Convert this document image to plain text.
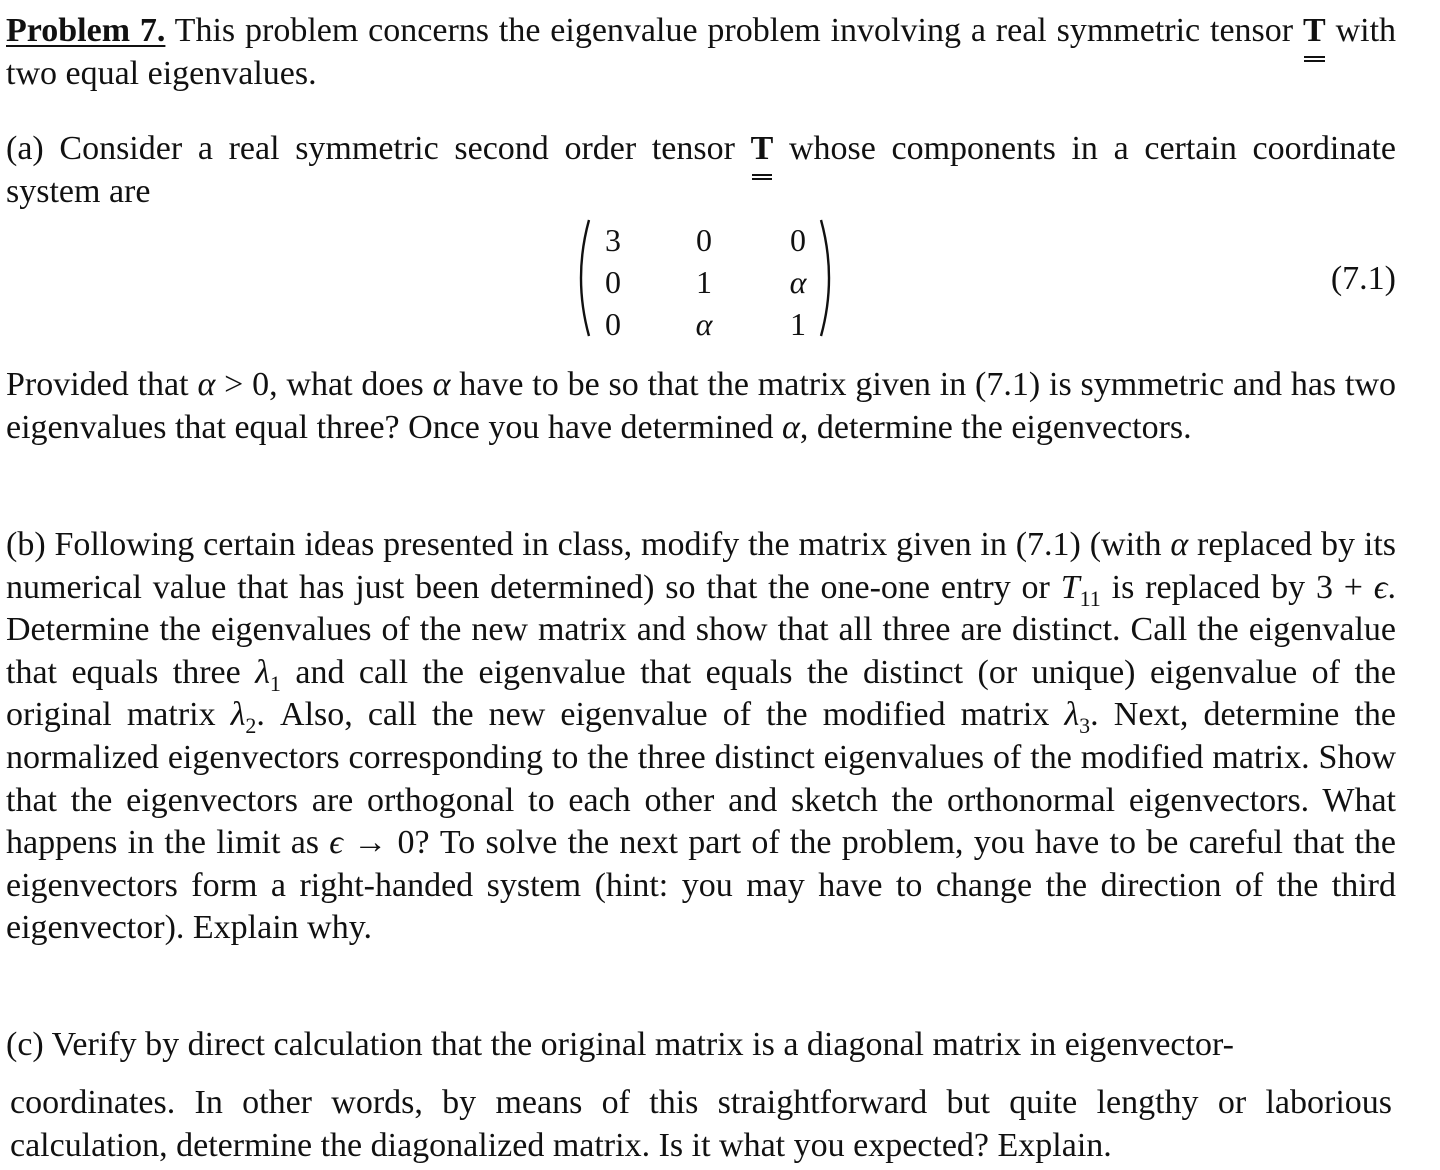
Problem 7. This problem concerns the eigenvalue problem involving a real symmetric tensor T with two equal eigenvalues.

(a) Consider a real symmetric second order tensor T whose components in a certain coordinate system are

3	0	0
0	1	α
0	α	1
(7.1)

Provided that α > 0, what does α have to be so that the matrix given in (7.1) is symmetric and has two eigenvalues that equal three? Once you have determined α, determine the eigenvectors.

(b) Following certain ideas presented in class, modify the matrix given in (7.1) (with α replaced by its numerical value that has just been determined) so that the one-one entry or $T_{11}$ is replaced by 3 + ϵ. Determine the eigenvalues of the new matrix and show that all three are distinct. Call the eigenvalue that equals three $\lambda_1$ and call the eigenvalue that equals the distinct (or unique) eigenvalue of the original matrix $\lambda_2$. Also, call the new eigenvalue of the modified matrix $\lambda_3$. Next, determine the normalized eigenvectors corresponding to the three distinct eigenvalues of the modified matrix. Show that the eigenvectors are orthogonal to each other and sketch the orthonormal eigenvectors. What happens in the limit as ϵ → 0? To solve the next part of the problem, you have to be careful that the eigenvectors form a right-handed system (hint: you may have to change the direction of the third eigenvector). Explain why.

(c) Verify by direct calculation that the original matrix is a diagonal matrix in eigenvector-

coordinates. In other words, by means of this straightforward but quite lengthy or laborious calculation, determine the diagonalized matrix. Is it what you expected? Explain.
